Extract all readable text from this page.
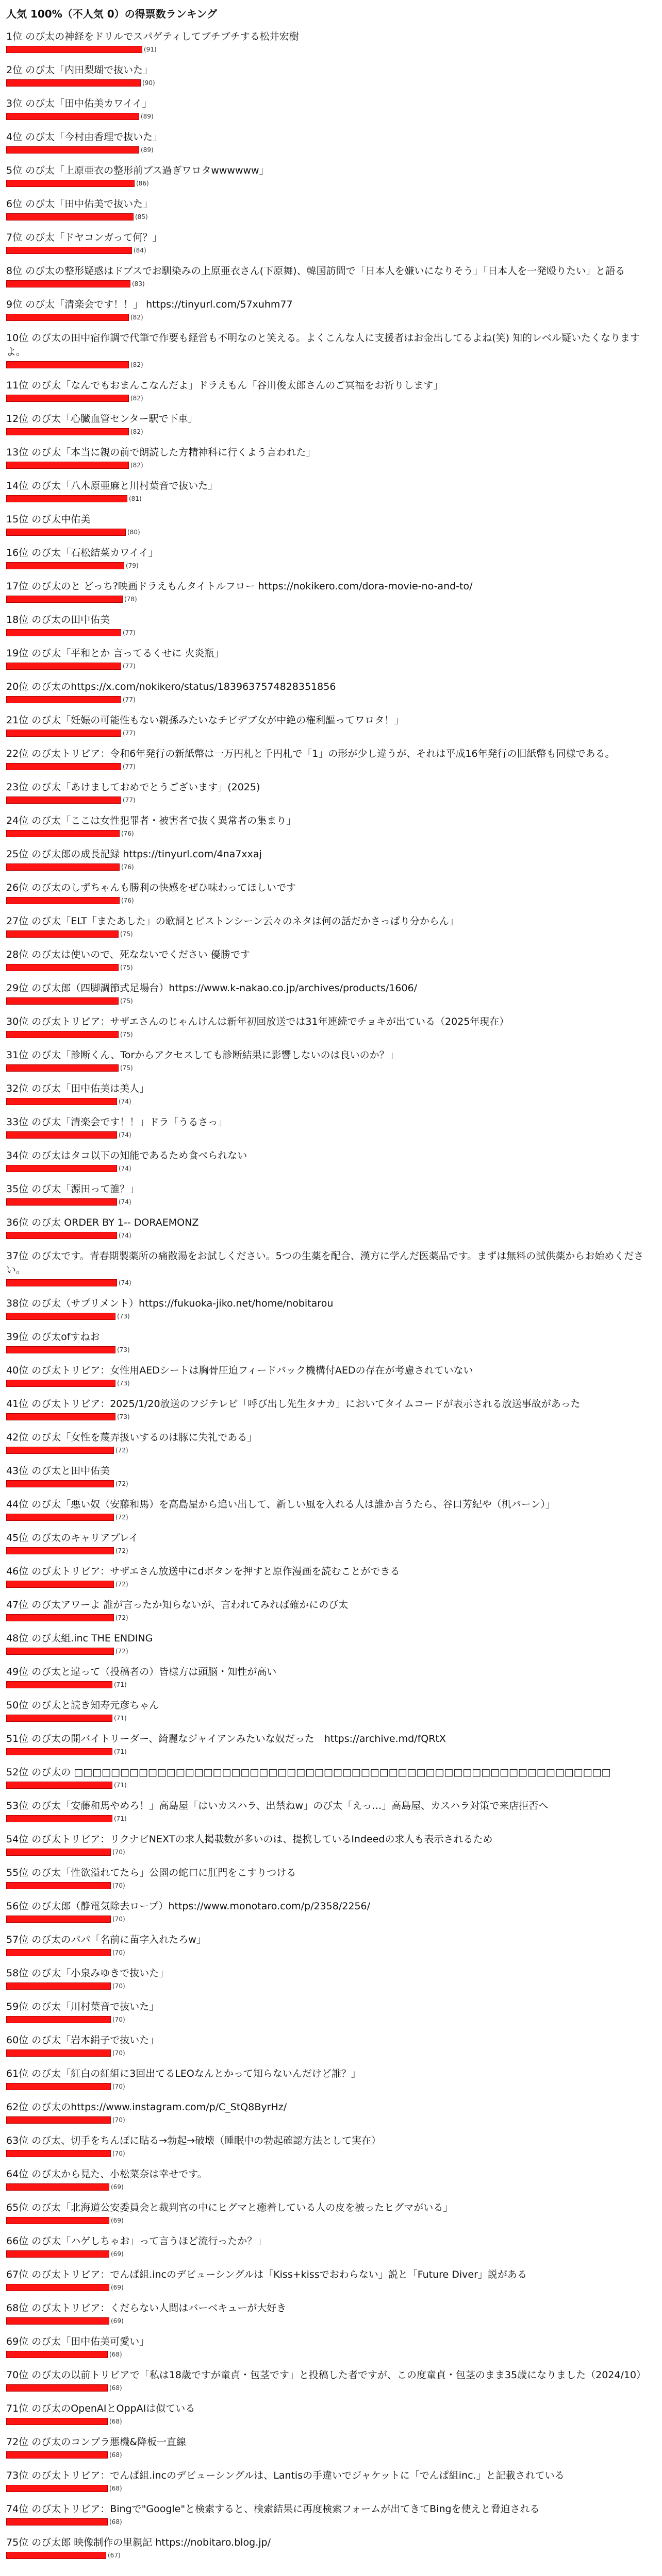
人気 100%（不人気 0）の得票数ランキング
1位 のび太の神経をドリルでスパゲティしてブチブチする松井宏樹
(91)
2位 のび太「内田梨瑚で抜いた」
(90)
3位 のび太「田中佑美カワイイ」
(89)
4位 のび太「今村由香理で抜いた」
(89)
5位 のび太「上原亜衣の整形前ブス過ぎワロタwwwwww」
(86)
6位 のび太「田中佑美で抜いた」
(85)
7位 のび太「ドヤコンガって何？」
(84)
8位 のび太の整形疑惑はドブスでお馴染みの上原亜衣さん(下原舞)、韓国訪問で「日本人を嫌いになりそう」「日本人を一発殴りたい」と語る
(83)
9位 のび太「清楽会です！！」 https://tinyurl.com/57xuhm77
(82)
10位 のび太の田中宿作調で代筆で作要も経営も不明なのと笑える。よくこんな人に支援者はお金出してるよね(笑) 知的レベル疑いたくなりますよ。
(82)
11位 のび太「なんでもおまんこなんだよ」ドラえもん「谷川俊太郎さんのご冥福をお祈りします」
(82)
12位 のび太「心臓血管センター駅で下車」
(82)
13位 のび太「本当に親の前で朗読した方精神科に行くよう言われた」
(82)
14位 のび太「八木原亜麻と川村葉音で抜いた」
(81)
15位 のび太中佑美
(80)
16位 のび太「石松結菜カワイイ」
(79)
17位 のび太のと どっち?映画ドラえもんタイトルフロー https://nokikero.com/dora-movie-no-and-to/
(78)
18位 のび太の田中佑美
(77)
19位 のび太「平和とか 言ってるくせに 火炎瓶」
(77)
20位 のび太のhttps://x.com/nokikero/status/1839637574828351856
(77)
21位 のび太「妊娠の可能性もない親孫みたいなチビデブ女が中絶の権利謳ってワロタ！」
(77)
22位 のび太トリビア：令和6年発行の新紙幣は一万円札と千円札で「1」の形が少し違うが、それは平成16年発行の旧紙幣も同様である。
(77)
23位 のび太「あけましておめでとうございます」(2025)
(77)
24位 のび太「ここは女性犯罪者・被害者で抜く異常者の集まり」
(76)
25位 のび太郎の成長記録 https://tinyurl.com/4na7xxaj
(76)
26位 のび太のしずちゃんも勝利の快感をぜひ味わってほしいです
(76)
27位 のび太「ELT「またあした」の歌詞とピストンシーン云々のネタは何の話だかさっぱり分からん」
(75)
28位 のび太は使いので、死なないでください 優勝です
(75)
29位 のび太郎（四脚調節式足場台）https://www.k-nakao.co.jp/archives/products/1606/
(75)
30位 のび太トリビア：サザエさんのじゃんけんは新年初回放送では31年連続でチョキが出ている（2025年現在）
(75)
31位 のび太「診断くん、Torからアクセスしても診断結果に影響しないのは良いのか？」
(75)
32位 のび太「田中佑美は美人」
(74)
33位 のび太「清楽会です！！」ドラ「うるさっ」
(74)
34位 のび太はタコ以下の知能であるため食べられない
(74)
35位 のび太「源田って誰？」
(74)
36位 のび太 ORDER BY 1-- DORAEMONZ
(74)
37位 のび太です。青春期製薬所の痛散湯をお試しください。5つの生薬を配合、漢方に学んだ医薬品です。まずは無料の試供薬からお始めください。
(74)
38位 のび太（サプリメント）https://fukuoka-jiko.net/home/nobitarou
(73)
39位 のび太ofすねお
(73)
40位 のび太トリビア：女性用AEDシートは胸骨圧迫フィードバック機構付AEDの存在が考慮されていない
(73)
41位 のび太トリビア：2025/1/20放送のフジテレビ「呼び出し先生タナカ」においてタイムコードが表示される放送事故があった
(73)
42位 のび太「女性を蔑弄扱いするのは豚に失礼である」
(72)
43位 のび太と田中佑美
(72)
44位 のび太「悪い奴（安藤和馬）を高島屋から追い出して、新しい風を入れる人は誰か言うたら、谷口芳紀や（机バーン）」
(72)
45位 のび太のキャリアプレイ
(72)
46位 のび太トリビア：サザエさん放送中にdボタンを押すと原作漫画を読むことができる
(72)
47位 のび太アワーよ 誰が言ったか知らないが、言われてみれば確かにのび太
(72)
48位 のび太組.inc THE ENDING
(72)
49位 のび太と違って（投稿者の）皆様方は頭脳・知性が高い
(71)
50位 のび太と読き知寿元彦ちゃん
(71)
51位 のび太の開バイトリーダー、綺麗なジャイアンみたいな奴だった　https://archive.md/fQRtX
(71)
52位 のび太の □□□□□□□□□□□□□□□□□□□□□□□□□□□□□□□□□□□□□□□□□□□□□□□□□□□□□□□□□□
(71)
53位 のび太「安藤和馬やめろ！」高島屋「はいカスハラ、出禁ねw」のび太「えっ…」高島屋、カスハラ対策で来店拒否へ
(71)
54位 のび太トリビア：リクナビNEXTの求人掲載数が多いのは、提携しているIndeedの求人も表示されるため
(70)
55位 のび太「性欲溢れてたら」公園の蛇口に肛門をこすりつける
(70)
56位 のび太郎（静電気除去ロープ）https://www.monotaro.com/p/2358/2256/
(70)
57位 のび太のパパ「名前に苗字入れたろw」
(70)
58位 のび太「小泉みゆきで抜いた」
(70)
59位 のび太「川村葉音で抜いた」
(70)
60位 のび太「岩本絹子で抜いた」
(70)
61位 のび太「紅白の紅組に3回出てるLEOなんとかって知らないんだけど誰？」
(70)
62位 のび太のhttps://www.instagram.com/p/C_StQ8ByrHz/
(70)
63位 のび太、切手をちんぽに貼る→勃起→破壊（睡眠中の勃起確認方法として実在）
(70)
64位 のび太から見た、小松菜奈は幸せです。
(69)
65位 のび太「北海道公安委員会と裁判官の中にヒグマと癒着している人の皮を被ったヒグマがいる」
(69)
66位 のび太「ハゲしちゃお」って言うほど流行ったか？」
(69)
67位 のび太トリビア：でんぱ組.incのデビューシングルは「Kiss+kissでおわらない」説と「Future Diver」説がある
(69)
68位 のび太トリビア：くだらない人間はバーベキューが大好き
(69)
69位 のび太「田中佑美可愛い」
(68)
70位 のび太の以前トリビアで「私は18歳ですが童貞・包茎です」と投稿した者ですが、この度童貞・包茎のまま35歳になりました（2024/10）
(68)
71位 のび太のOpenAIとOppAIは似ている
(68)
72位 のび太のコンプラ悪機&降板一直線
(68)
73位 のび太トリビア：でんぱ組.incのデビューシングルは、Lantisの手違いでジャケットに「でんぱ組inc.」と記載されている
(68)
74位 のび太トリビア：Bingで"Google"と検索すると、検索結果に再度検索フォームが出てきてBingを使えと脅迫される
(68)
75位 のび太郎 映像制作の里親記 https://nobitaro.blog.jp/
(67)
